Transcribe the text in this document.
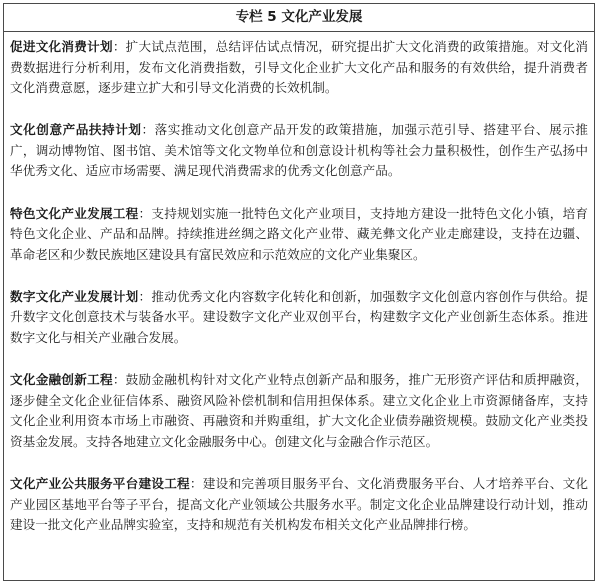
专栏 5 文化产业发展

促进文化消费计划：扩大试点范围，总结评估试点情况，研究提出扩大文化消费的政策措施。对文化消费数据进行分析利用，发布文化消费指数，引导文化企业扩大文化产品和服务的有效供给，提升消费者文化消费意愿，逐步建立扩大和引导文化消费的长效机制。

文化创意产品扶持计划：落实推动文化创意产品开发的政策措施，加强示范引导、搭建平台、展示推广，调动博物馆、图书馆、美术馆等文化文物单位和创意设计机构等社会力量积极性，创作生产弘扬中华优秀文化、适应市场需要、满足现代消费需求的优秀文化创意产品。

特色文化产业发展工程：支持规划实施一批特色文化产业项目，支持地方建设一批特色文化小镇，培育特色文化企业、产品和品牌。持续推进丝绸之路文化产业带、藏羌彝文化产业走廊建设，支持在边疆、革命老区和少数民族地区建设具有富民效应和示范效应的文化产业集聚区。

数字文化产业发展计划：推动优秀文化内容数字化转化和创新，加强数字文化创意内容创作与供给。提升数字文化创意技术与装备水平。建设数字文化产业双创平台，构建数字文化产业创新生态体系。推进数字文化与相关产业融合发展。

文化金融创新工程：鼓励金融机构针对文化产业特点创新产品和服务，推广无形资产评估和质押融资，逐步健全文化企业征信体系、融资风险补偿机制和信用担保体系。建立文化企业上市资源储备库，支持文化企业利用资本市场上市融资、再融资和并购重组，扩大文化企业债券融资规模。鼓励文化产业类投资基金发展。支持各地建立文化金融服务中心。创建文化与金融合作示范区。

文化产业公共服务平台建设工程：建设和完善项目服务平台、文化消费服务平台、人才培养平台、文化产业园区基地平台等子平台，提高文化产业领域公共服务水平。制定文化企业品牌建设行动计划，推动建设一批文化产业品牌实验室，支持和规范有关机构发布相关文化产业品牌排行榜。
